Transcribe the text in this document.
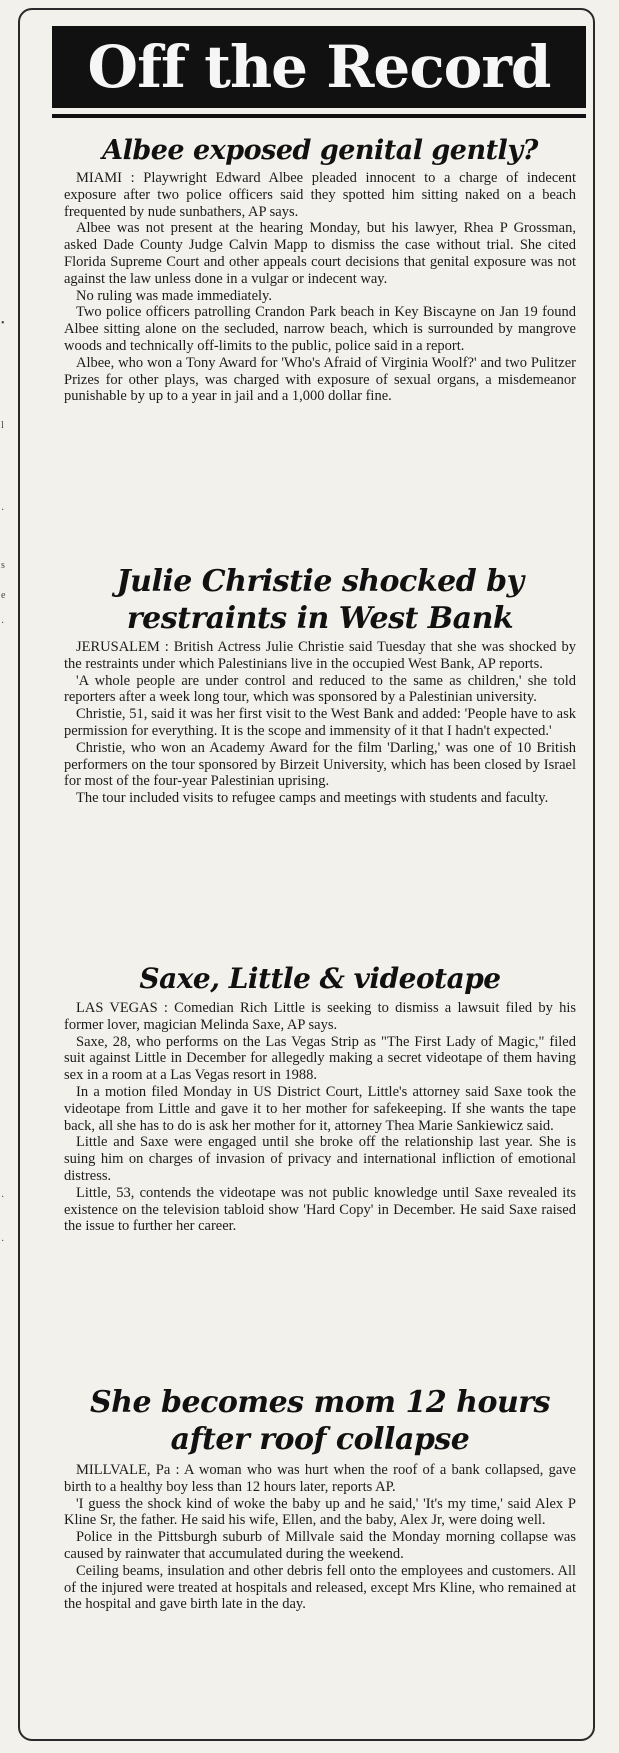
•
l
·
s
e
·
·
·
Off the Record
Albee exposed genital gently?

MIAMI : Playwright Edward Albee pleaded innocent to a charge of indecent exposure after two police officers said they spotted him sitting naked on a beach frequented by nude sunbathers, AP says.

Albee was not present at the hearing Monday, but his lawyer, Rhea P Grossman, asked Dade County Judge Calvin Mapp to dismiss the case without trial. She cited Florida Supreme Court and other appeals court decisions that genital exposure was not against the law unless done in a vulgar or indecent way.

No ruling was made immediately.

Two police officers patrolling Crandon Park beach in Key Biscayne on Jan 19 found Albee sitting alone on the secluded, narrow beach, which is surrounded by mangrove woods and technically off-limits to the public, police said in a report.

Albee, who won a Tony Award for 'Who's Afraid of Virginia Woolf?' and two Pulitzer Prizes for other plays, was charged with exposure of sexual organs, a misdemeanor punishable by up to a year in jail and a 1,000 dollar fine.

Julie Christie shocked by
restraints in West Bank

JERUSALEM : British Actress Julie Christie said Tuesday that she was shocked by the restraints under which Palestinians live in the occupied West Bank, AP reports.

'A whole people are under control and reduced to the same as children,' she told reporters after a week long tour, which was sponsored by a Palestinian university.

Christie, 51, said it was her first visit to the West Bank and added: 'People have to ask permission for everything. It is the scope and immensity of it that I hadn't expected.'

Christie, who won an Academy Award for the film 'Darling,' was one of 10 British performers on the tour sponsored by Birzeit University, which has been closed by Israel for most of the four-year Palestinian uprising.

The tour included visits to refugee camps and meetings with students and faculty.

Saxe, Little & videotape

LAS VEGAS : Comedian Rich Little is seeking to dismiss a lawsuit filed by his former lover, magician Melinda Saxe, AP says.

Saxe, 28, who performs on the Las Vegas Strip as "The First Lady of Magic," filed suit against Little in December for allegedly making a secret videotape of them having sex in a room at a Las Vegas resort in 1988.

In a motion filed Monday in US District Court, Little's attorney said Saxe took the videotape from Little and gave it to her mother for safekeeping. If she wants the tape back, all she has to do is ask her mother for it, attorney Thea Marie Sankiewicz said.

Little and Saxe were engaged until she broke off the relationship last year. She is suing him on charges of invasion of privacy and international infliction of emotional distress.

Little, 53, contends the videotape was not public knowledge until Saxe revealed its existence on the television tabloid show 'Hard Copy' in December. He said Saxe raised the issue to further her career.

She becomes mom 12 hours
after roof collapse

MILLVALE, Pa : A woman who was hurt when the roof of a bank collapsed, gave birth to a healthy boy less than 12 hours later, reports AP.

'I guess the shock kind of woke the baby up and he said,' 'It's my time,' said Alex P Kline Sr, the father. He said his wife, Ellen, and the baby, Alex Jr, were doing well.

Police in the Pittsburgh suburb of Millvale said the Monday morning collapse was caused by rainwater that accumulated during the weekend.

Ceiling beams, insulation and other debris fell onto the employees and customers. All of the injured were treated at hospitals and released, except Mrs Kline, who remained at the hospital and gave birth late in the day.
